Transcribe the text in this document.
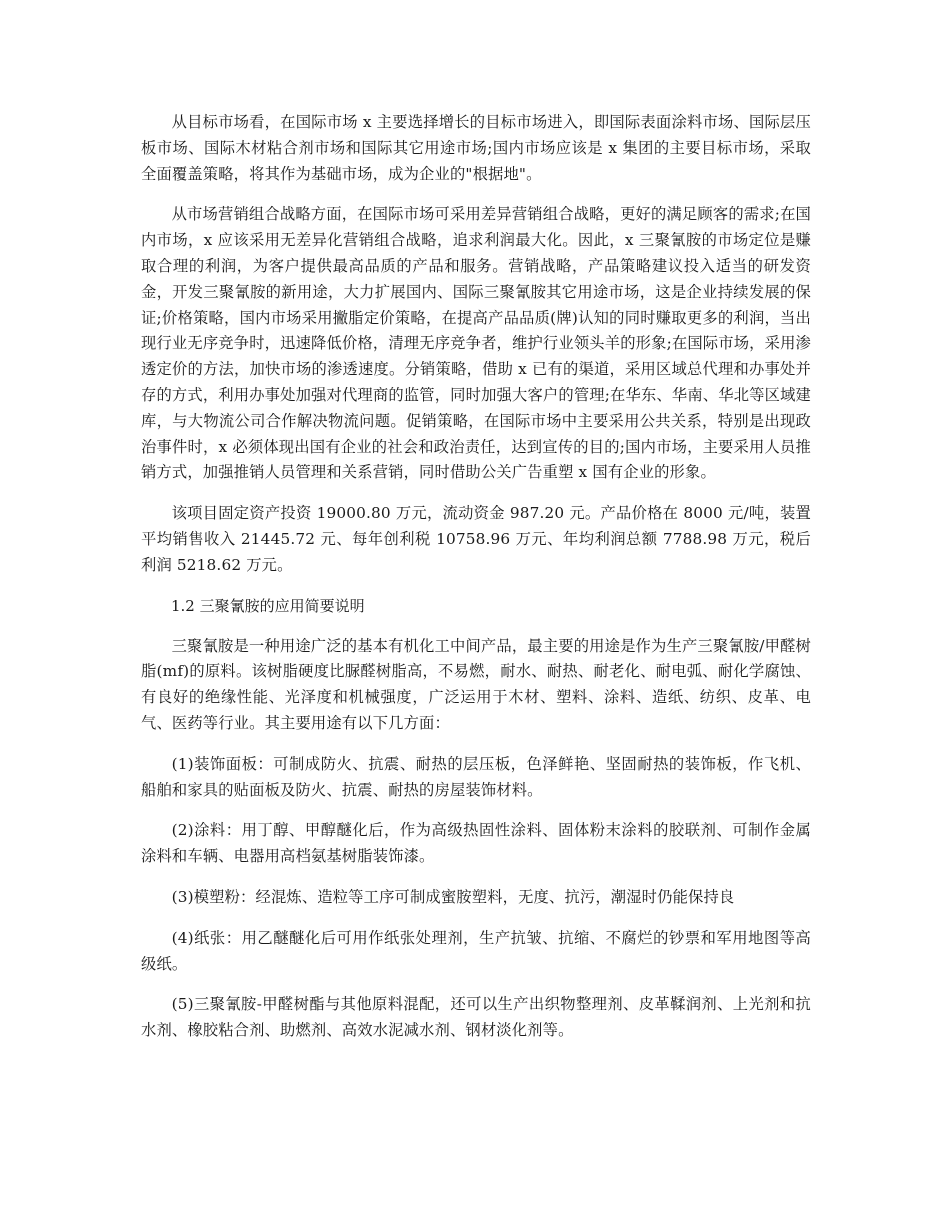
从目标市场看，在国际市场 x 主要选择增长的目标市场进入，即国际表面涂料市场、国际层压板市场、国际木材粘合剂市场和国际其它用途市场;国内市场应该是 x 集团的主要目标市场，采取全面覆盖策略，将其作为基础市场，成为企业的"根据地"。

从市场营销组合战略方面，在国际市场可采用差异营销组合战略，更好的满足顾客的需求;在国内市场，x 应该采用无差异化营销组合战略，追求利润最大化。因此，x 三聚氰胺的市场定位是赚取合理的利润，为客户提供最高品质的产品和服务。营销战略，产品策略建议投入适当的研发资金，开发三聚氰胺的新用途，大力扩展国内、国际三聚氰胺其它用途市场，这是企业持续发展的保证;价格策略，国内市场采用撇脂定价策略，在提高产品品质(牌)认知的同时赚取更多的利润，当出现行业无序竞争时，迅速降低价格，清理无序竞争者，维护行业领头羊的形象;在国际市场，采用渗透定价的方法，加快市场的渗透速度。分销策略，借助 x 已有的渠道，采用区域总代理和办事处并存的方式，利用办事处加强对代理商的监管，同时加强大客户的管理;在华东、华南、华北等区域建库，与大物流公司合作解决物流问题。促销策略，在国际市场中主要采用公共关系，特别是出现政治事件时，x 必须体现出国有企业的社会和政治责任，达到宣传的目的;国内市场，主要采用人员推销方式，加强推销人员管理和关系营销，同时借助公关广告重塑 x 国有企业的形象。

该项目固定资产投资 19000.80 万元，流动资金 987.20 元。产品价格在 8000 元/吨，装置平均销售收入 21445.72 元、每年创利税 10758.96 万元、年均利润总额 7788.98 万元，税后利润 5218.62 万元。

1.2 三聚氰胺的应用简要说明

三聚氰胺是一种用途广泛的基本有机化工中间产品，最主要的用途是作为生产三聚氰胺/甲醛树脂(mf)的原料。该树脂硬度比脲醛树脂高，不易燃，耐水、耐热、耐老化、耐电弧、耐化学腐蚀、有良好的绝缘性能、光泽度和机械强度，广泛运用于木材、塑料、涂料、造纸、纺织、皮革、电气、医药等行业。其主要用途有以下几方面：

(1)装饰面板：可制成防火、抗震、耐热的层压板，色泽鲜艳、坚固耐热的装饰板，作飞机、船舶和家具的贴面板及防火、抗震、耐热的房屋装饰材料。

(2)涂料：用丁醇、甲醇醚化后，作为高级热固性涂料、固体粉末涂料的胶联剂、可制作金属涂料和车辆、电器用高档氨基树脂装饰漆。

(3)模塑粉：经混炼、造粒等工序可制成蜜胺塑料，无度、抗污，潮湿时仍能保持良

(4)纸张：用乙醚醚化后可用作纸张处理剂，生产抗皱、抗缩、不腐烂的钞票和军用地图等高级纸。

(5)三聚氰胺-甲醛树酯与其他原料混配，还可以生产出织物整理剂、皮革鞣润剂、上光剂和抗水剂、橡胶粘合剂、助燃剂、高效水泥减水剂、钢材淡化剂等。
